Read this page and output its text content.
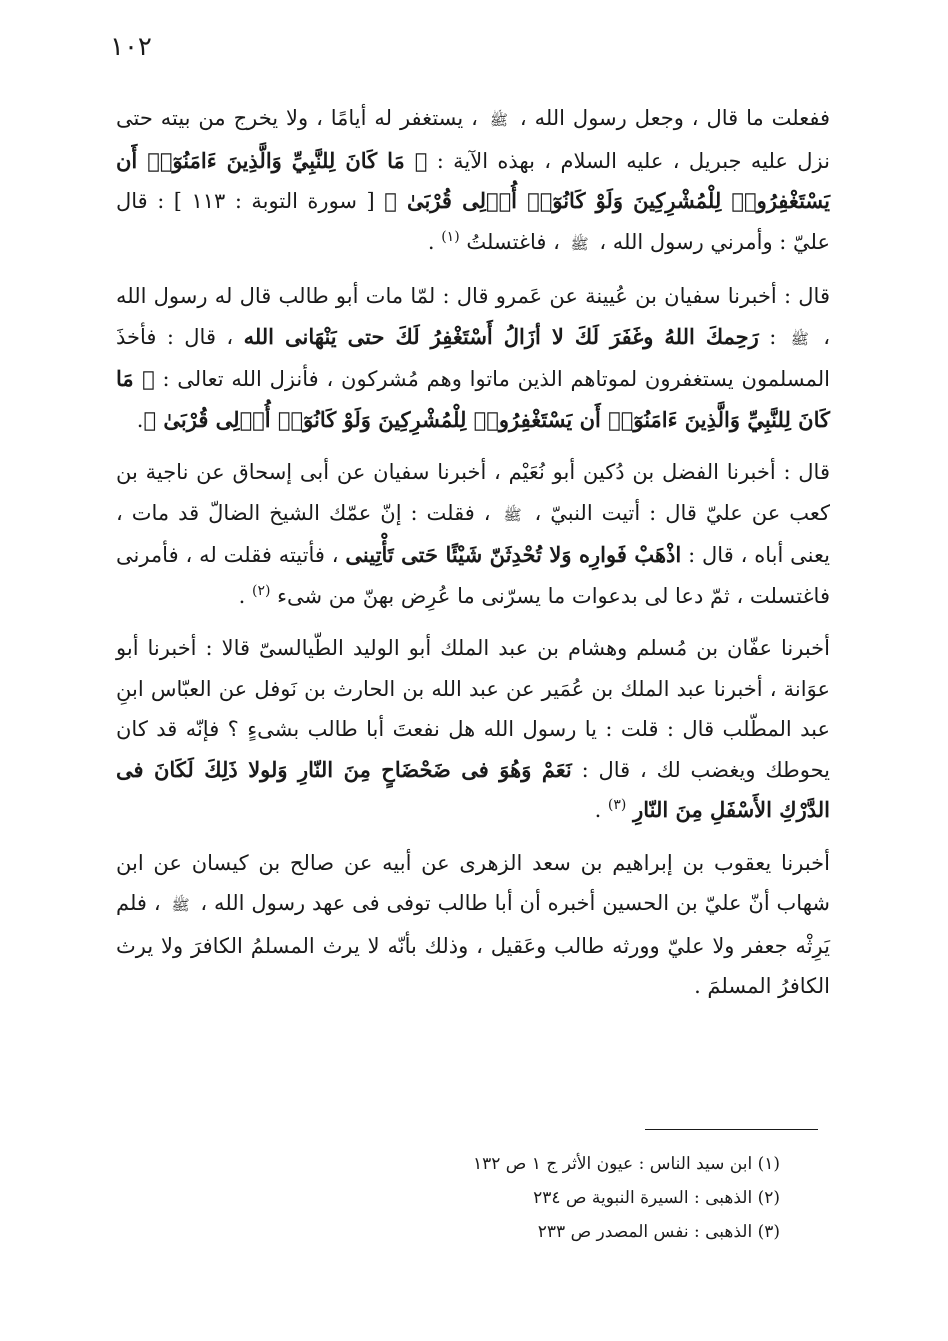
١٠٢

ففعلت ما قال ، وجعل رسول الله ، ﷺ ، يستغفر له أيامًا ، ولا يخرج من بيته حتى نزل عليه جبريل ، عليه السلام ، بهذه الآية : ﴿ مَا كَانَ لِلنَّبِيِّ وَالَّذِينَ ءَامَنُوٓا۟ أَن يَسْتَغْفِرُوا۟ لِلْمُشْرِكِينَ وَلَوْ كَانُوٓا۟ أُو۟لِى قُرْبَىٰ ﴾ [ سورة التوبة : ١١٣ ] : قال عليّ : وأمرني رسول الله ، ﷺ ، فاغتسلتُ $^{(١)}$ .

قال : أخبرنا سفيان بن عُيينة عن عَمرو قال : لمّا مات أبو طالب قال له رسول الله ، ﷺ : رَحِمكَ اللهُ وغَفَرَ لَكَ لا أزَالُ أَسْتَغْفِرُ لَكَ حتى يَنْهَانى الله ، قال : فأخذَ المسلمون يستغفرون لموتاهم الذين ماتوا وهم مُشركون ، فأنزل الله تعالى : ﴿ مَا كَانَ لِلنَّبِيِّ وَالَّذِينَ ءَامَنُوٓا۟ أَن يَسْتَغْفِرُوا۟ لِلْمُشْرِكِينَ وَلَوْ كَانُوٓا۟ أُو۟لِى قُرْبَىٰ ﴾.

قال : أخبرنا الفضل بن دُكين أبو نُعَيْم ، أخبرنا سفيان عن أبى إسحاق عن ناجية بن كعب عن عليّ قال : أتيت النبيّ ، ﷺ ، فقلت : إنّ عمّك الشيخ الضالّ قد مات ، يعنى أباه ، قال : اذْهَبْ فَوارِه وَلا تُحْدِثَنّ شَيْئًا حَتى تَأْتِينى ، فأتيته فقلت له ، فأمرنى فاغتسلت ، ثمّ دعا لى بدعوات ما يسرّنى ما عُرِض بهنّ من شىء $^{(٢)}$ .

أخبرنا عفّان بن مُسلم وهشام بن عبد الملك أبو الوليد الطّيالسىّ قالا : أخبرنا أبو عوَانة ، أخبرنا عبد الملك بن عُمَير عن عبد الله بن الحارث بن نَوفل عن العبّاس ابنِ عبد المطّلب قال : قلت : يا رسول الله هل نفعتَ أبا طالب بشىءٍ ؟ فإنّه قد كان يحوطك ويغضب لك ، قال : نَعَمْ وَهُوَ فى ضَحْضَاحٍ مِنَ النّارِ وَلولا ذَلِكَ لَكَانَ فى الدَّرْكِ الأَسْفَلِ مِنَ النّارِ $^{(٣)}$ .

أخبرنا يعقوب بن إبراهيم بن سعد الزهرى عن أبيه عن صالح بن كيسان عن ابن شهاب أنّ عليّ بن الحسين أخبره أن أبا طالب توفى فى عهد رسول الله ، ﷺ ، فلم يَرِثْه جعفر ولا عليّ وورثه طالب وعَقيل ، وذلك بأنّه لا يرث المسلمُ الكافرَ ولا يرث الكافرُ المسلمَ .

(١) ابن سيد الناس : عيون الأثر ج ١ ص ١٣٢

(٢) الذهبى : السيرة النبوية ص ٢٣٤

(٣) الذهبى : نفس المصدر ص ٢٣٣
